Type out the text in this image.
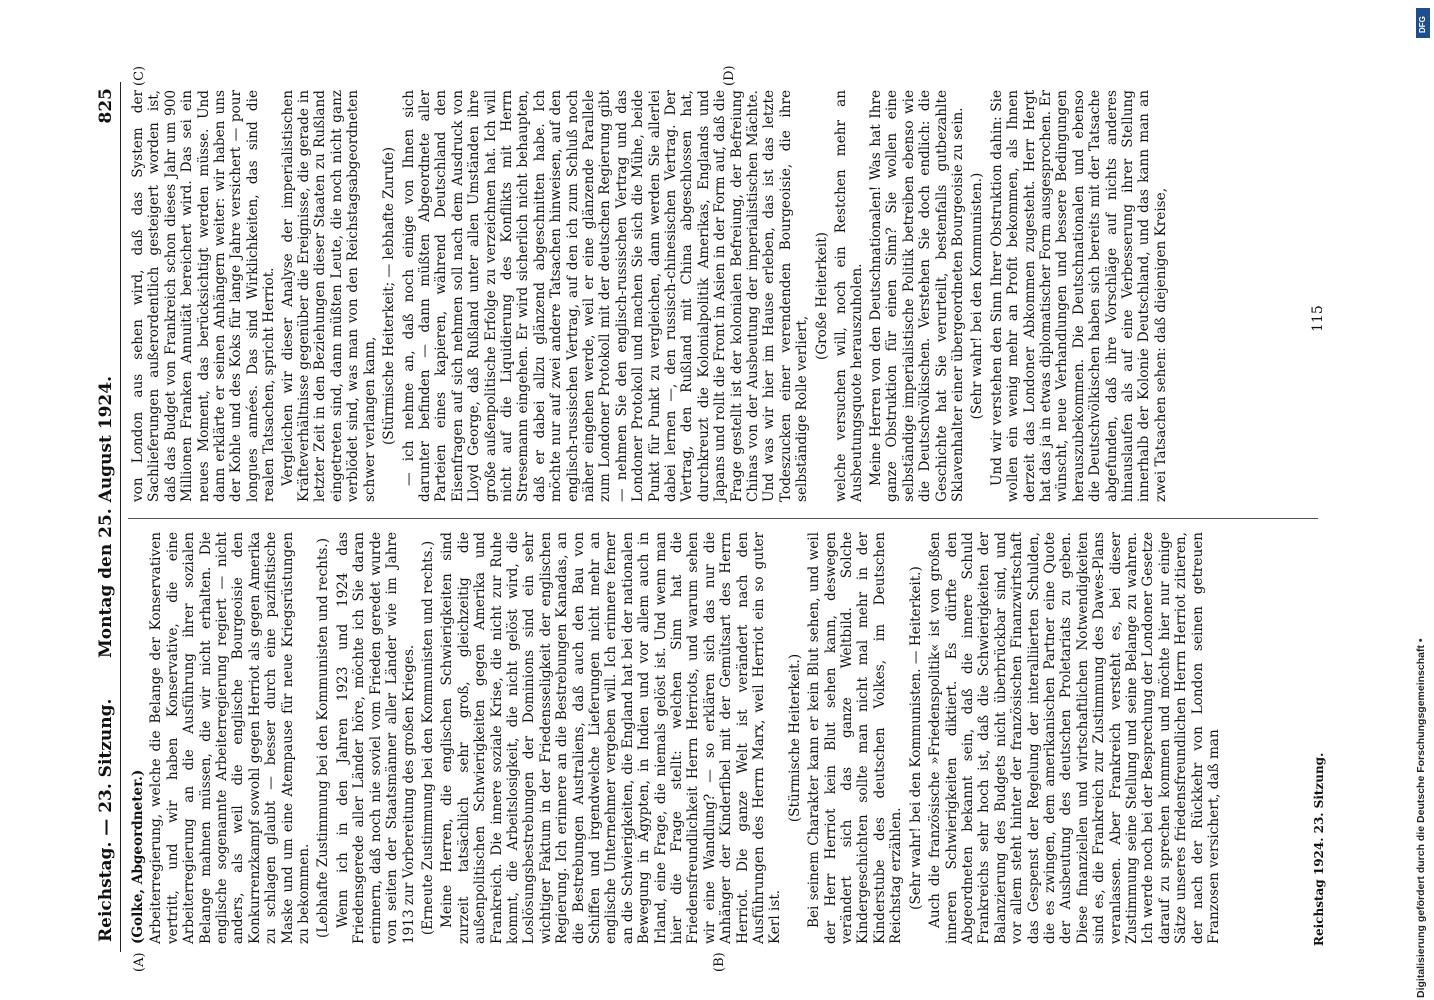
Reichstag. — 23. Sitzung.
Montag den 25. August 1924.
825
(A)	(B)
(C)	(D)

(Golke, Abgeordneter.) Arbeiterregierung, welche die Belange der Konservativen vertritt, und wir haben Konservative, die eine Arbeiterregierung an die Ausführung ihrer sozialen Belange mahnen müssen, die wir nicht erhalten. Die englische sogenannte Arbeiterregierung regiert — nicht anders, als weil die englische Bourgeoisie den Konkurrenzkampf sowohl gegen Herriot als gegen Amerika zu schlagen glaubt — besser durch eine pazifistische Maske und um eine Atempause für neue Kriegsrüstungen zu bekommen. (Lebhafte Zustimmung bei den Kommunisten und rechts.) Wenn ich in den Jahren 1923 und 1924 das Friedensgerede aller Länder höre, möchte ich Sie daran erinnern, daß noch nie soviel vom Frieden geredet wurde von seiten der Staatsmänner aller Länder wie im Jahre 1913 zur Vorbereitung des großen Krieges. (Erneute Zustimmung bei den Kommunisten und rechts.) Meine Herren, die englischen Schwierigkeiten sind zurzeit tatsächlich sehr groß, gleichzeitig die außenpolitischen Schwierigkeiten gegen Amerika und Frankreich. Die innere soziale Krise, die nicht zur Ruhe kommt, die Arbeitslosigkeit, die nicht gelöst wird, die Loslösungsbestrebungen der Dominions sind ein sehr wichtiger Faktum in der Friedensseligkeit der englischen Regierung. Ich erinnere an die Bestrebungen Kanadas, an die Bestrebungen Australiens, daß auch den Bau von Schiffen und irgendwelche Lieferungen nicht mehr an englische Unternehmer vergeben will. Ich erinnere ferner an die Schwierigkeiten, die England hat bei der nationalen Bewegung in Ägypten, in Indien und vor allem auch in Irland, eine Frage, die niemals gelöst ist. Und wenn man hier die Frage stellt: welchen Sinn hat die Friedensfreundlichkeit Herrn Herriots, und warum sehen wir eine Wandlung? — so erklären sich das nur die Anhänger der Kinderfibel mit der Gemütsart des Herrn Herriot. Die ganze Welt ist verändert nach den Ausführungen des Herrn Marx, weil Herriot ein so guter Kerl ist.

(Stürmische Heiterkeit.) Bei seinem Charakter kann er kein Blut sehen, und weil der Herr Herriot kein Blut sehen kann, deswegen verändert sich das ganze Weltbild. Solche Kindergeschichten sollte man nicht mal mehr in der Kinderstube des deutschen Volkes, im Deutschen Reichstag erzählen. (Sehr wahr! bei den Kommunisten. — Heiterkeit.) Auch die französische »Friedenspolitik« ist von großen inneren Schwierigkeiten diktiert. Es dürfte den Abgeordneten bekannt sein, daß die innere Schuld Frankreichs sehr hoch ist, daß die Schwierigkeiten der Balanzierung des Budgets nicht überbrückbar sind, und vor allem steht hinter der französischen Finanzwirtschaft das Gespenst der Regelung der interalliierten Schulden, die es zwingen, dem amerikanischen Partner eine Quote der Ausbeutung des deutschen Proletariats zu geben. Diese finanziellen und wirtschaftlichen Notwendigkeiten sind es, die Frankreich zur Zustimmung des Dawes-Plans veranlassen. Aber Frankreich versteht es, bei dieser Zustimmung seine Stellung und seine Belange zu wahren. Ich werde noch bei der Besprechung der Londoner Gesetze darauf zu sprechen kommen und möchte hier nur einige Sätze unseres friedensfreundlichen Herrn Herriot zitieren, der nach der Rückkehr von London seinen getreuen Franzosen versichert, daß man

von London aus sehen wird, daß das System der Sachlieferungen außerordentlich gesteigert worden ist, daß das Budget von Frankreich schon dieses Jahr um 900 Millionen Franken Annuität bereichert wird. Das sei ein neues Moment, das berücksichtigt werden müsse. Und dann erklärte er seinen Anhängern weiter: wir haben uns der Kohle und des Koks für lange Jahre versichert — pour longues années. Das sind Wirklichkeiten, das sind die realen Tatsachen, spricht Herriot. Vergleichen wir dieser Analyse der imperialistischen Kräfteverhältnisse gegenüber die Ereignisse, die gerade in letzter Zeit in den Beziehungen dieser Staaten zu Rußland eingetreten sind, dann müßten Leute, die noch nicht ganz verblödet sind, was man von den Reichstagsabgeordneten schwer verlangen kann, (Stürmische Heiterkeit; — lebhafte Zurufe) — ich nehme an, daß noch einige von Ihnen sich darunter befinden — dann müßten Abgeordnete aller Parteien eines kapieren, während Deutschland den Eisenfragen auf sich nehmen soll nach dem Ausdruck von Lloyd George, daß Rußland unter allen Umständen ihre große außenpolitische Erfolge zu verzeichnen hat. Ich will nicht auf die Liquidierung des Konflikts mit Herrn Stresemann eingehen. Er wird sicherlich nicht behaupten, daß er dabei allzu glänzend abgeschnitten habe. Ich möchte nur auf zwei andere Tatsachen hinweisen, auf den englisch-russischen Vertrag, auf den ich zum Schluß noch näher eingehen werde, weil er eine glänzende Parallele zum Londoner Protokoll mit der deutschen Regierung gibt — nehmen Sie den englisch-russischen Vertrag und das Londoner Protokoll und machen Sie sich die Mühe, beide Punkt für Punkt zu vergleichen, dann werden Sie allerlei dabei lernen —, den russisch-chinesischen Vertrag. Der Vertrag, den Rußland mit China abgeschlossen hat, durchkreuzt die Kolonialpolitik Amerikas, Englands und Japans und rollt die Front in Asien in der Form auf, daß die Frage gestellt ist der kolonialen Befreiung, der Befreiung Chinas von der Ausbeutung der imperialistischen Mächte. Und was wir hier im Hause erleben, das ist das letzte Todeszucken einer verendenden Bourgeoisie, die ihre selbständige Rolle verliert,

(Große Heiterkeit) welche versuchen will, noch ein Restchen mehr an Ausbeutungsquote herauszuholen. Meine Herren von den Deutschnationalen! Was hat Ihre ganze Obstruktion für einen Sinn? Sie wollen eine selbständige imperialistische Politik betreiben ebenso wie die Deutschvölkischen. Verstehen Sie doch endlich: die Geschichte hat Sie verurteilt, bestenfalls gutbezahlte Sklavenhalter einer übergeordneten Bourgeoisie zu sein. (Sehr wahr! bei den Kommunisten.) Und wir verstehen den Sinn Ihrer Obstruktion dahin: Sie wollen ein wenig mehr an Profit bekommen, als Ihnen derzeit das Londoner Abkommen zugesteht. Herr Hergt hat das ja in etwas diplomatischer Form ausgesprochen. Er wünscht, neue Verhandlungen und bessere Bedingungen herauszubekommen. Die Deutschnationalen und ebenso die Deutschvölkischen haben sich bereits mit der Tatsache abgefunden, daß ihre Vorschläge auf nichts anderes hinauslaufen als auf eine Verbesserung ihrer Stellung innerhalb der Kolonie Deutschland, und das kann man an zwei Tatsachen sehen: daß diejenigen Kreise,

Reichstag 1924. 23. Sitzung.
115
Digitalisierung gefördert durch die Deutsche Forschungsgemeinschaft •
DFG
